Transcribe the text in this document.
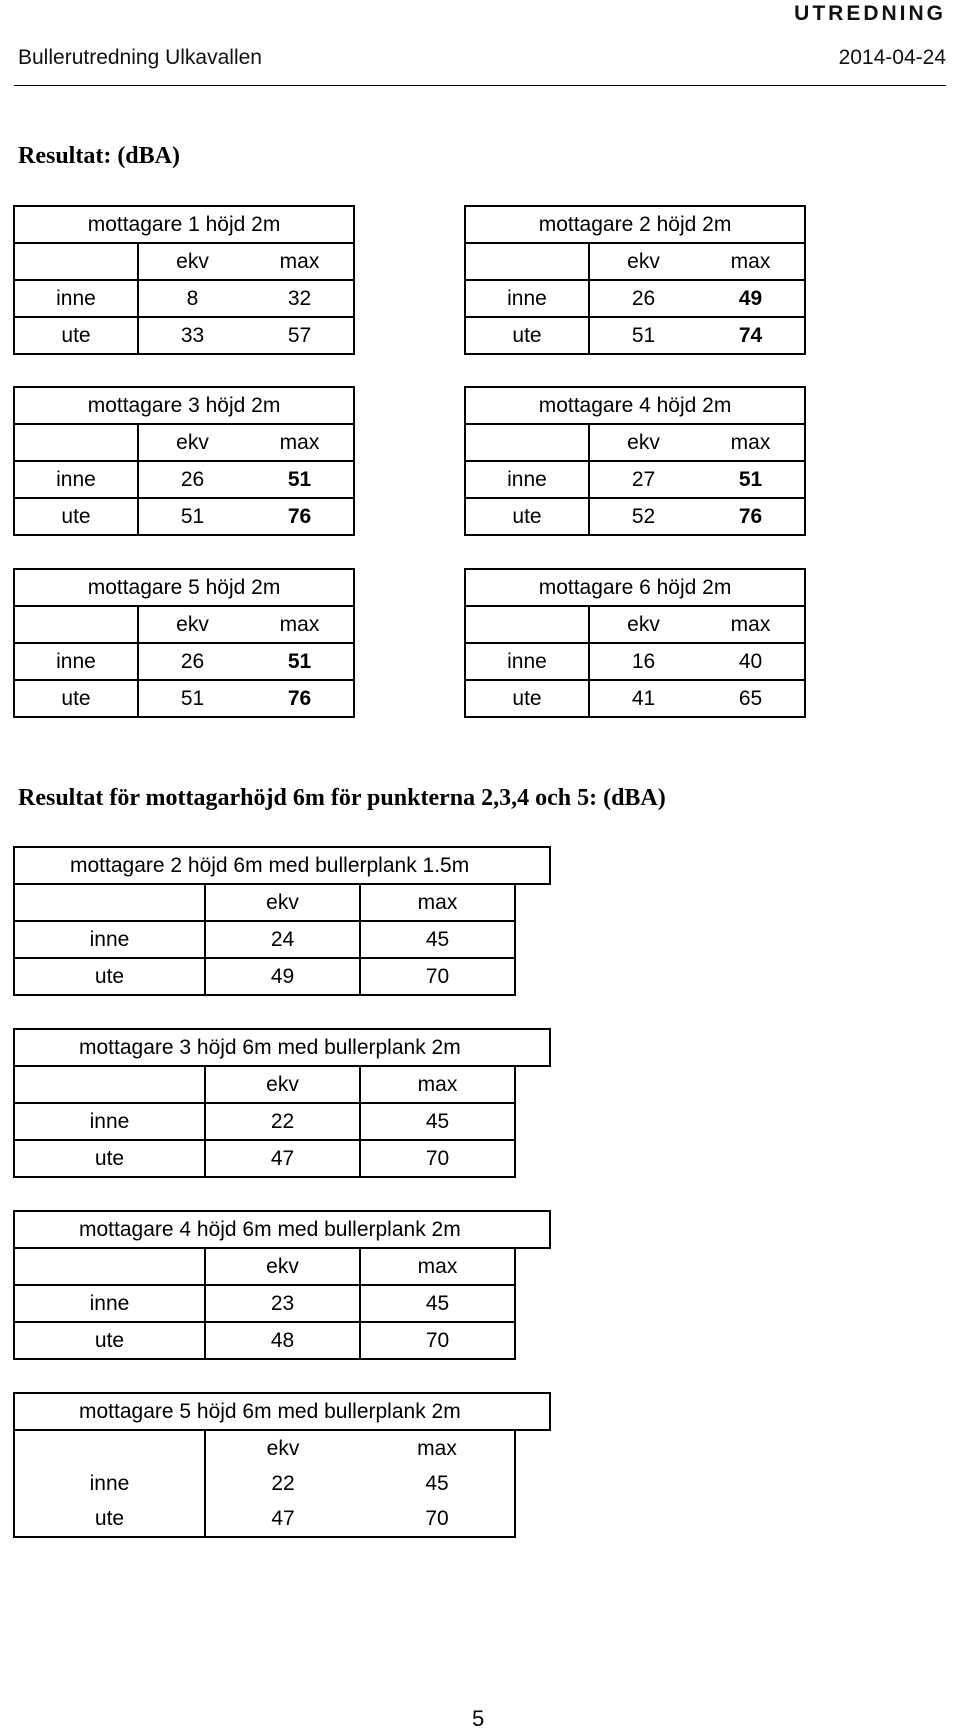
UTREDNING
Bullerutredning Ulkavallen	2014-04-24
Resultat: (dBA)
mottagare 1 höjd 2m		
	ekv	max
inne	8	32
ute	33	57
mottagare 2 höjd 2m		
	ekv	max
inne	26	49
ute	51	74
mottagare 3 höjd 2m		
	ekv	max
inne	26	51
ute	51	76
mottagare 4 höjd 2m		
	ekv	max
inne	27	51
ute	52	76
mottagare 5 höjd 2m		
	ekv	max
inne	26	51
ute	51	76
mottagare 6 höjd 2m		
	ekv	max
inne	16	40
ute	41	65
Resultat för mottagarhöjd 6m för punkterna 2,3,4 och 5: (dBA)
mottagare 2 höjd 6m med bullerplank 1.5m			
	ekv	max	
inne	24	45	
ute	49	70	
mottagare 3 höjd 6m med bullerplank 2m			
	ekv	max	
inne	22	45	
ute	47	70	
mottagare 4 höjd 6m med bullerplank 2m			
	ekv	max	
inne	23	45	
ute	48	70	
mottagare 5 höjd 6m med bullerplank 2m			
	ekv	max	
inne	22	45	
ute	47	70	
5
